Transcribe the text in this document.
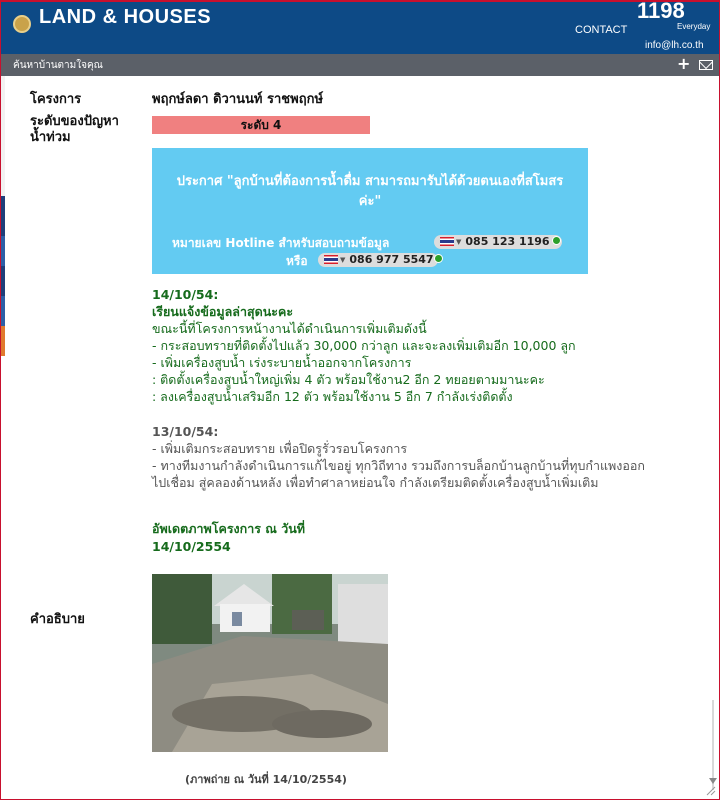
LAND & HOUSES
CONTACT
1198
Everyday
info@lh.co.th
ค้นหาบ้านตามใจคุณ	+
โครงการ	พฤกษ์ลดา ดิวานนท์ ราชพฤกษ์
ระดับของปัญหา
น้ำท่วม
ระดับ 4
ประกาศ "ลูกบ้านที่ต้องการน้ำดื่ม สามารถมารับได้ด้วยตนเองที่สโมสรค่ะ"
หมายเลข Hotline สำหรับสอบถามข้อมูล	▼ 085 123 1196
หรือ	▼ 086 977 5547
14/10/54:
เรียนแจ้งข้อมูลล่าสุดนะคะ
ขณะนี้ที่โครงการหน้างานได้ดำเนินการเพิ่มเติมดังนี้
- กระสอบทรายที่ติดตั้งไปแล้ว 30,000 กว่าลูก และจะลงเพิ่มเติมอีก 10,000 ลูก
- เพิ่มเครื่องสูบน้ำ เร่งระบายน้ำออกจากโครงการ
: ติดตั้งเครื่องสูบน้ำใหญ่เพิ่ม 4 ตัว พร้อมใช้งาน2 อีก 2 ทยอยตามมานะคะ
: ลงเครื่องสูบน้ำเสริมอีก 12 ตัว พร้อมใช้งาน 5 อีก 7 กำลังเร่งติดตั้ง
13/10/54:
- เพิ่มเติมกระสอบทราย เพื่อปิดรูรั่วรอบโครงการ
- ทางทีมงานกำลังดำเนินการแก้ไขอยู่ ทุกวิถีทาง รวมถึงการบล็อกบ้านลูกบ้านที่ทุบกำแพงออก
ไปเชื่อม สู่คลองด้านหลัง เพื่อทำศาลาหย่อนใจ กำลังเตรียมติดตั้งเครื่องสูบน้ำเพิ่มเติม
อัพเดตภาพโครงการ ณ วันที่
14/10/2554
คำอธิบาย
(ภาพถ่าย ณ วันที่ 14/10/2554)
